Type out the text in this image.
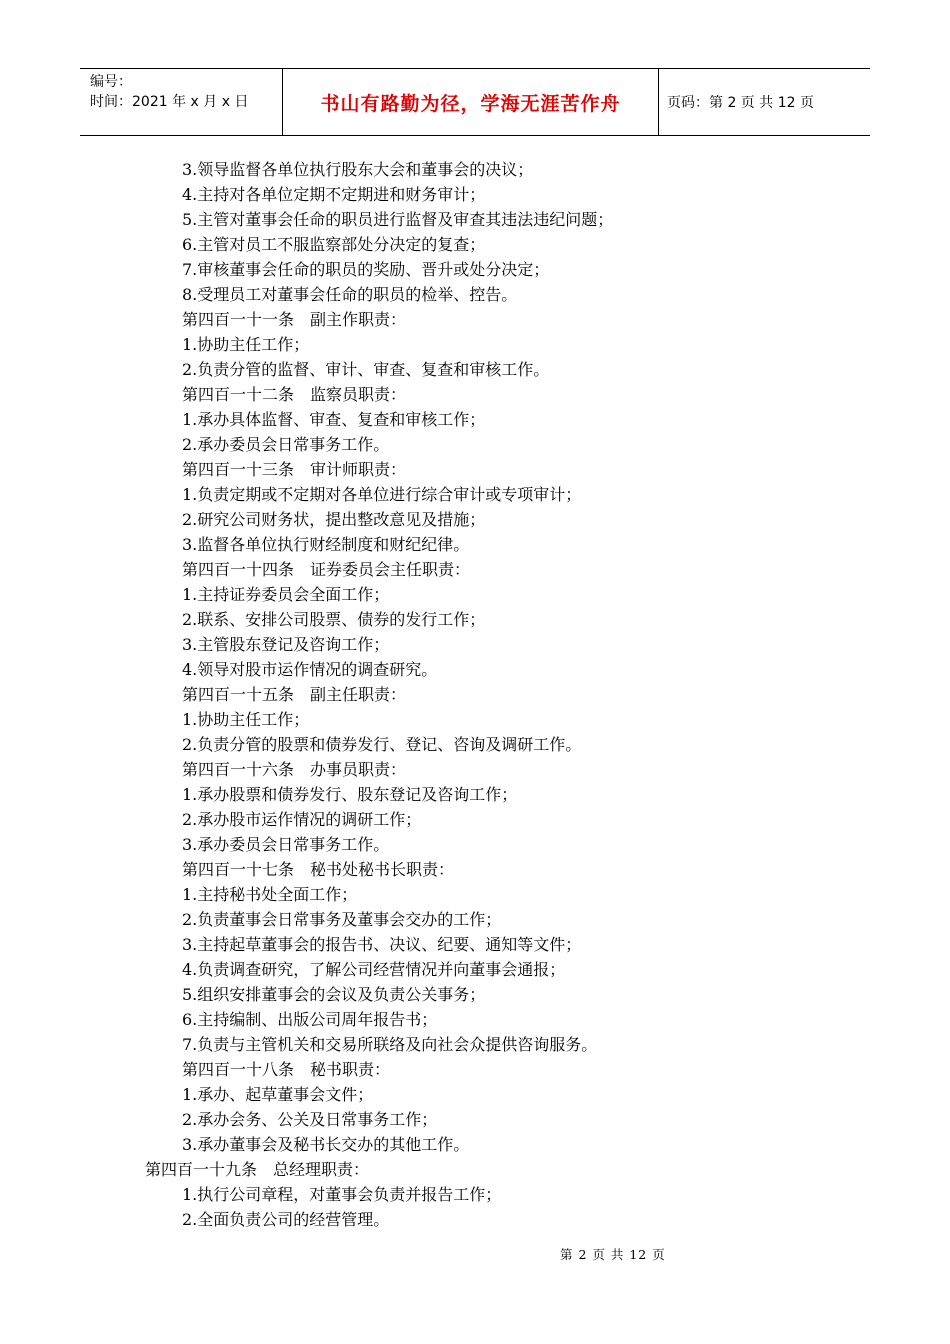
编号：
时间：2021 年 x 月 x 日	书山有路勤为径，学海无涯苦作舟	页码：第 2 页 共 12 页
3.领导监督各单位执行股东大会和董事会的决议；
4.主持对各单位定期不定期进和财务审计；
5.主管对董事会任命的职员进行监督及审查其违法违纪问题；
6.主管对员工不服监察部处分决定的复查；
7.审核董事会任命的职员的奖励、晋升或处分决定；
8.受理员工对董事会任命的职员的检举、控告。
第四百一十一条　副主作职责：
1.协助主任工作；
2.负责分管的监督、审计、审查、复查和审核工作。
第四百一十二条　监察员职责：
1.承办具体监督、审查、复查和审核工作；
2.承办委员会日常事务工作。
第四百一十三条　审计师职责：
1.负责定期或不定期对各单位进行综合审计或专项审计；
2.研究公司财务状，提出整改意见及措施；
3.监督各单位执行财经制度和财纪纪律。
第四百一十四条　证券委员会主任职责：
1.主持证券委员会全面工作；
2.联系、安排公司股票、债券的发行工作；
3.主管股东登记及咨询工作；
4.领导对股市运作情况的调查研究。
第四百一十五条　副主任职责：
1.协助主任工作；
2.负责分管的股票和债券发行、登记、咨询及调研工作。
第四百一十六条　办事员职责：
1.承办股票和债券发行、股东登记及咨询工作；
2.承办股市运作情况的调研工作；
3.承办委员会日常事务工作。
第四百一十七条　秘书处秘书长职责：
1.主持秘书处全面工作；
2.负责董事会日常事务及董事会交办的工作；
3.主持起草董事会的报告书、决议、纪要、通知等文件；
4.负责调查研究，了解公司经营情况并向董事会通报；
5.组织安排董事会的会议及负责公关事务；
6.主持编制、出版公司周年报告书；
7.负责与主管机关和交易所联络及向社会众提供咨询服务。
第四百一十八条　秘书职责：
1.承办、起草董事会文件；
2.承办会务、公关及日常事务工作；
3.承办董事会及秘书长交办的其他工作。
第四百一十九条　总经理职责：
1.执行公司章程，对董事会负责并报告工作；
2.全面负责公司的经营管理。
第 2 页 共 12 页
